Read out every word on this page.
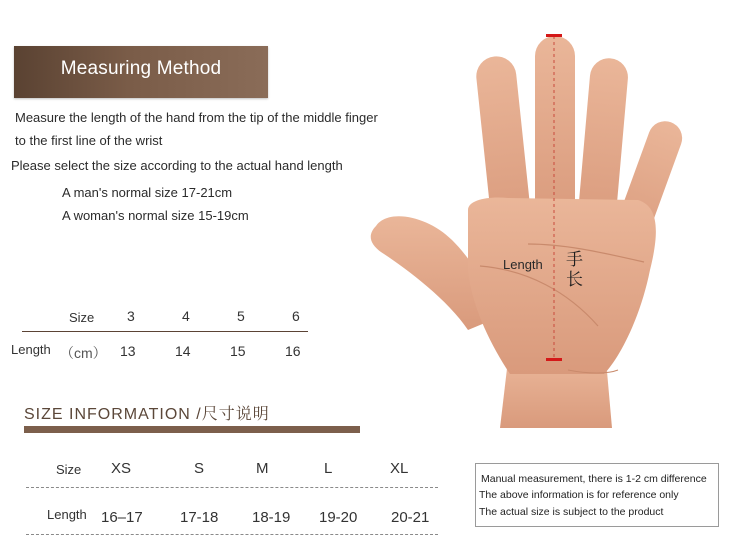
Measuring Method
Measure the length of the hand from the tip of the middle finger
to the first line of the wrist
Please select the size according to the actual hand length
A man's normal size 17-21cm
A woman's normal size 15-19cm
Length 手
长
Size 3	4	5	6
Length （cm） 13	14	15	16
SIZE INFORMATION /尺寸说明
Size XS	S	M	L	XL
Length 16–17 17-18 18-19 19-20 20-21
Manual measurement, there is 1-2 cm difference
The above information is for reference only
The actual size is subject to the product
